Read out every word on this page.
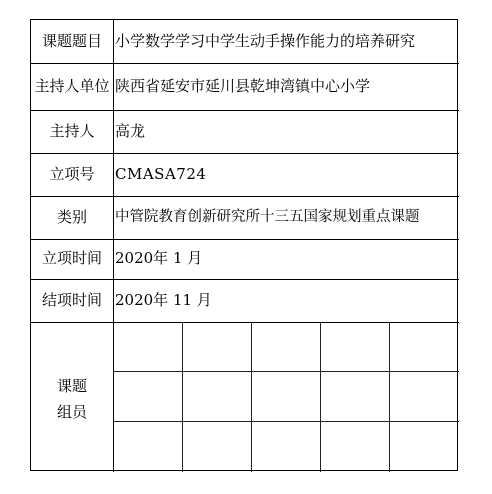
课题题目 小学数学学习中学生动手操作能力的培养研究
主持人单位 陕西省延安市延川县乾坤湾镇中心小学
主持人	高龙
立项号	CMASA724
类别	中管院教育创新研究所十三五国家规划重点课题
立项时间 2020年 1 月
结项时间 2020年 11 月
课题
组员
